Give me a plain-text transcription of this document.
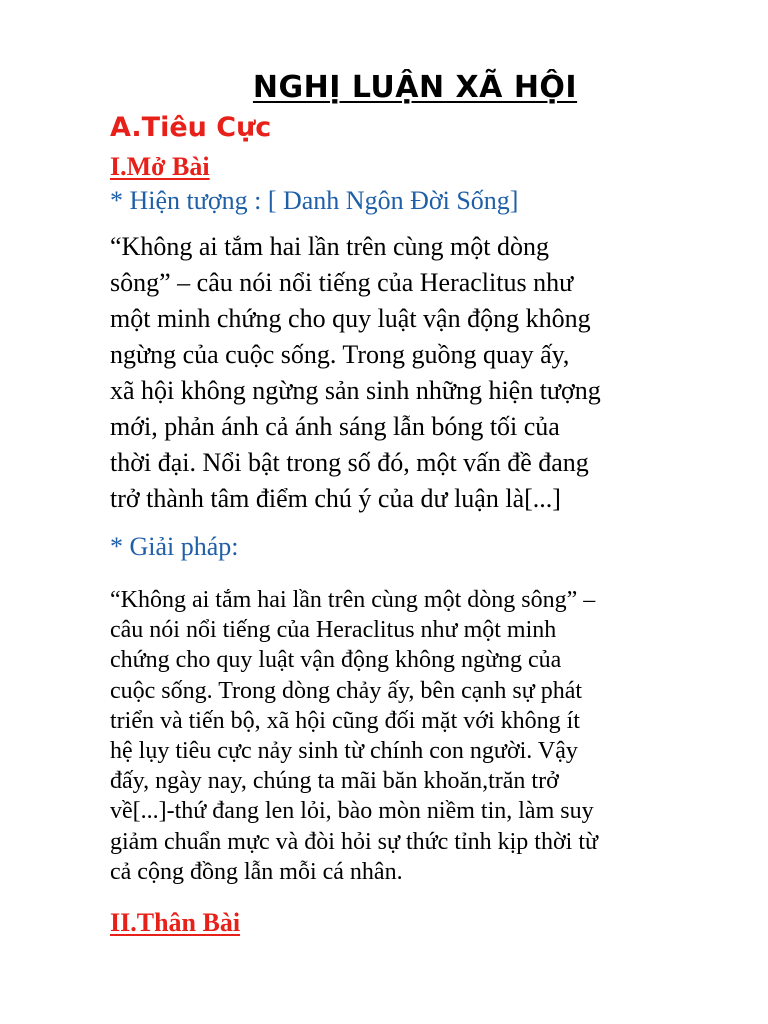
NGHỊ LUẬN XÃ HỘI
A.Tiêu Cực
I.Mở Bài

* Hiện tượng : [ Danh Ngôn Đời Sống]

“Không ai tắm hai lần trên cùng một dòng
sông” – câu nói nổi tiếng của Heraclitus như
một minh chứng cho quy luật vận động không
ngừng của cuộc sống. Trong guồng quay ấy,
xã hội không ngừng sản sinh những hiện tượng
mới, phản ánh cả ánh sáng lẫn bóng tối của
thời đại. Nổi bật trong số đó, một vấn đề đang
trở thành tâm điểm chú ý của dư luận là[...]

* Giải pháp:

“Không ai tắm hai lần trên cùng một dòng sông” –
câu nói nổi tiếng của Heraclitus như một minh
chứng cho quy luật vận động không ngừng của
cuộc sống. Trong dòng chảy ấy, bên cạnh sự phát
triển và tiến bộ, xã hội cũng đối mặt với không ít
hệ lụy tiêu cực nảy sinh từ chính con người. Vậy
đấy, ngày nay, chúng ta mãi băn khoăn,trăn trở
về[...]-thứ đang len lỏi, bào mòn niềm tin, làm suy
giảm chuẩn mực và đòi hỏi sự thức tỉnh kịp thời từ
cả cộng đồng lẫn mỗi cá nhân.

II.Thân Bài
